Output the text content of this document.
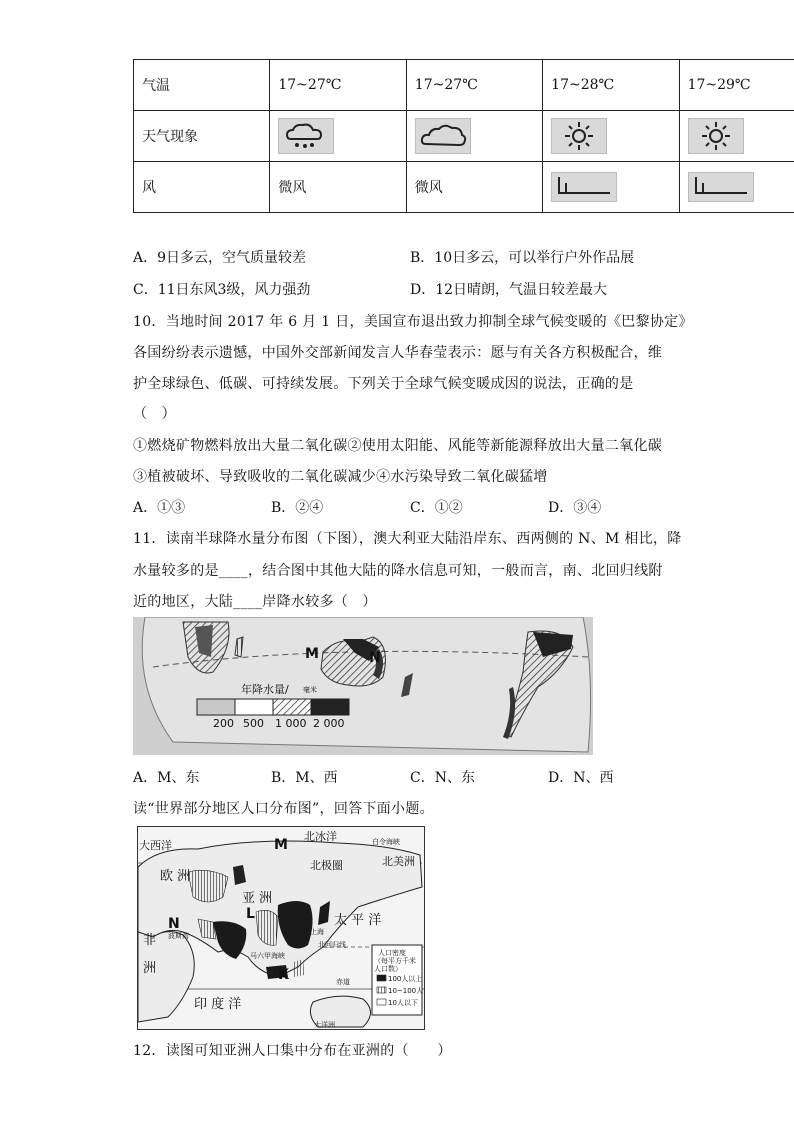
气温	17~27℃	17~27℃	17~28℃	17~29℃
天气现象				
风	微风	微风		
A．9日多云，空气质量较差	B．10日多云，可以举行户外作品展
C．11日东风3级，风力强劲	D．12日晴朗，气温日较差最大
10．当地时间 2017 年 6 月 1 日，美国宣布退出致力抑制全球气候变暖的《巴黎协定》
各国纷纷表示遗憾，中国外交部新闻发言人华春莹表示：愿与有关各方积极配合，维
护全球绿色、低碳、可持续发展。下列关于全球气候变暖成因的说法，正确的是
（　）
①燃烧矿物燃料放出大量二氧化碳②使用太阳能、风能等新能源释放出大量二氧化碳
③植被破坏、导致吸收的二氧化碳减少④水污染导致二氧化碳猛增
A．①③	B．②④	C．①②	D．③④
11．读南半球降水量分布图（下图），澳大利亚大陆沿岸东、西两侧的 N、M 相比，降
水量较多的是____，结合图中其他大陆的降水信息可知，一般而言，南、北回归线附
近的地区，大陆____岸降水较多（　）
年降水量/ 毫米
200 500 1 000 2 000
M	N
A．M、东	B．M、西	C．N、东	D．N、西
读“世界部分地区人口分布图”，回答下面小题。
大西洋
北冰洋	白令海峡
北美洲
北极圈
欧 洲
亚 洲
太 平 洋
非
洲
波斯湾	上海
北回归线
马六甲海峡
赤道
印 度 洋
大洋洲
M
L
N
K
人口密度
（每平方千米人口数）
100人以上
10~100人
10人以下
12．读图可知亚洲人口集中分布在亚洲的（　　）
